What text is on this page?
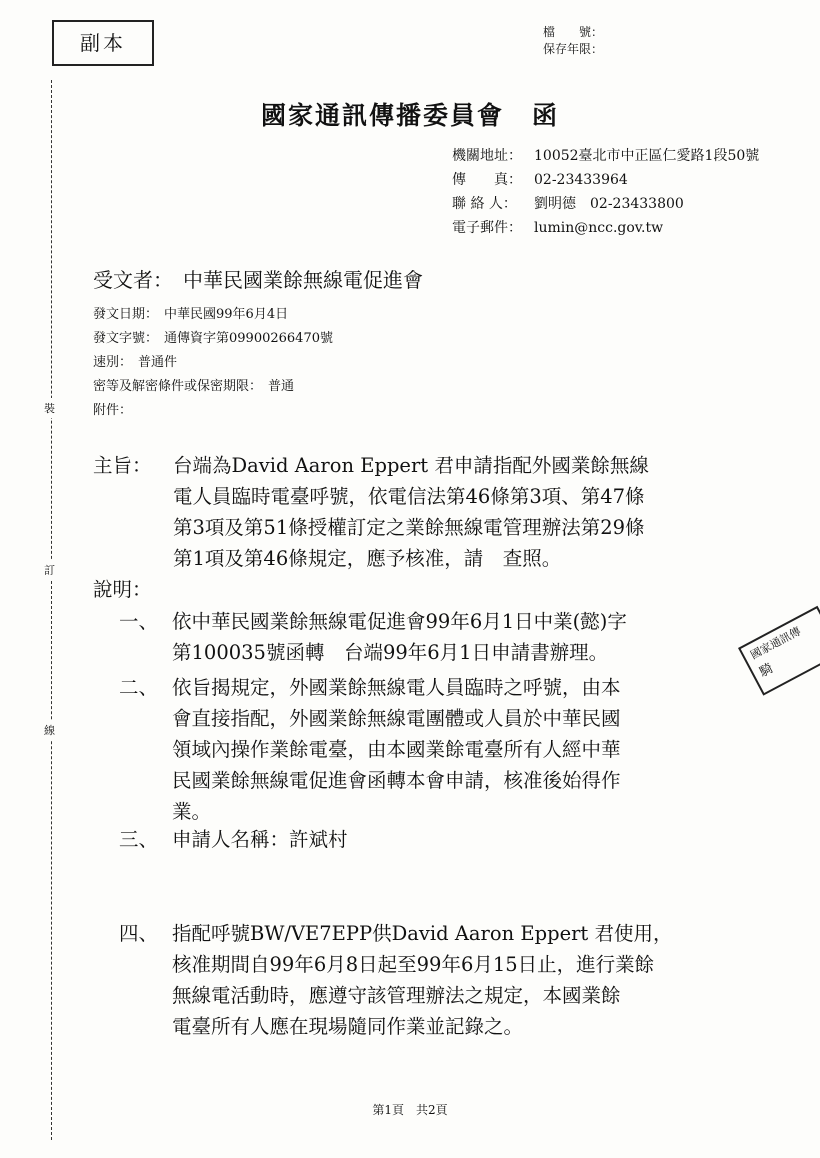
副本	檔　　號：
保存年限：
裝
訂
線
國家通訊傳播委員會 函
機關地址： 10052臺北市中正區仁愛路1段50號
傳　　真： 02-23433964
聯 絡 人： 劉明德　02-23433800
電子郵件： lumin@ncc.gov.tw
受文者： 中華民國業餘無線電促進會
發文日期： 中華民國99年6月4日
發文字號： 通傳資字第09900266470號
速別： 普通件
密等及解密條件或保密期限： 普通
附件：
主旨： 台端為David Aaron Eppert 君申請指配外國業餘無線
電人員臨時電臺呼號，依電信法第46條第3項、第47條
第3項及第51條授權訂定之業餘無線電管理辦法第29條
第1項及第46條規定，應予核准，請　查照。
說明：
一、 依中華民國業餘無線電促進會99年6月1日中業(懿)字
第100035號函轉　台端99年6月1日申請書辦理。
二、 依旨揭規定，外國業餘無線電人員臨時之呼號，由本
會直接指配，外國業餘無線電團體或人員於中華民國
領域內操作業餘電臺，由本國業餘電臺所有人經中華
民國業餘無線電促進會函轉本會申請，核准後始得作
業。
三、 申請人名稱：許斌村
四、 指配呼號BW/VE7EPP供David Aaron Eppert 君使用，
核准期間自99年6月8日起至99年6月15日止，進行業餘
無線電活動時，應遵守該管理辦法之規定，本國業餘
電臺所有人應在現場隨同作業並記錄之。
國家通訊傳
騎
第1頁　共2頁
